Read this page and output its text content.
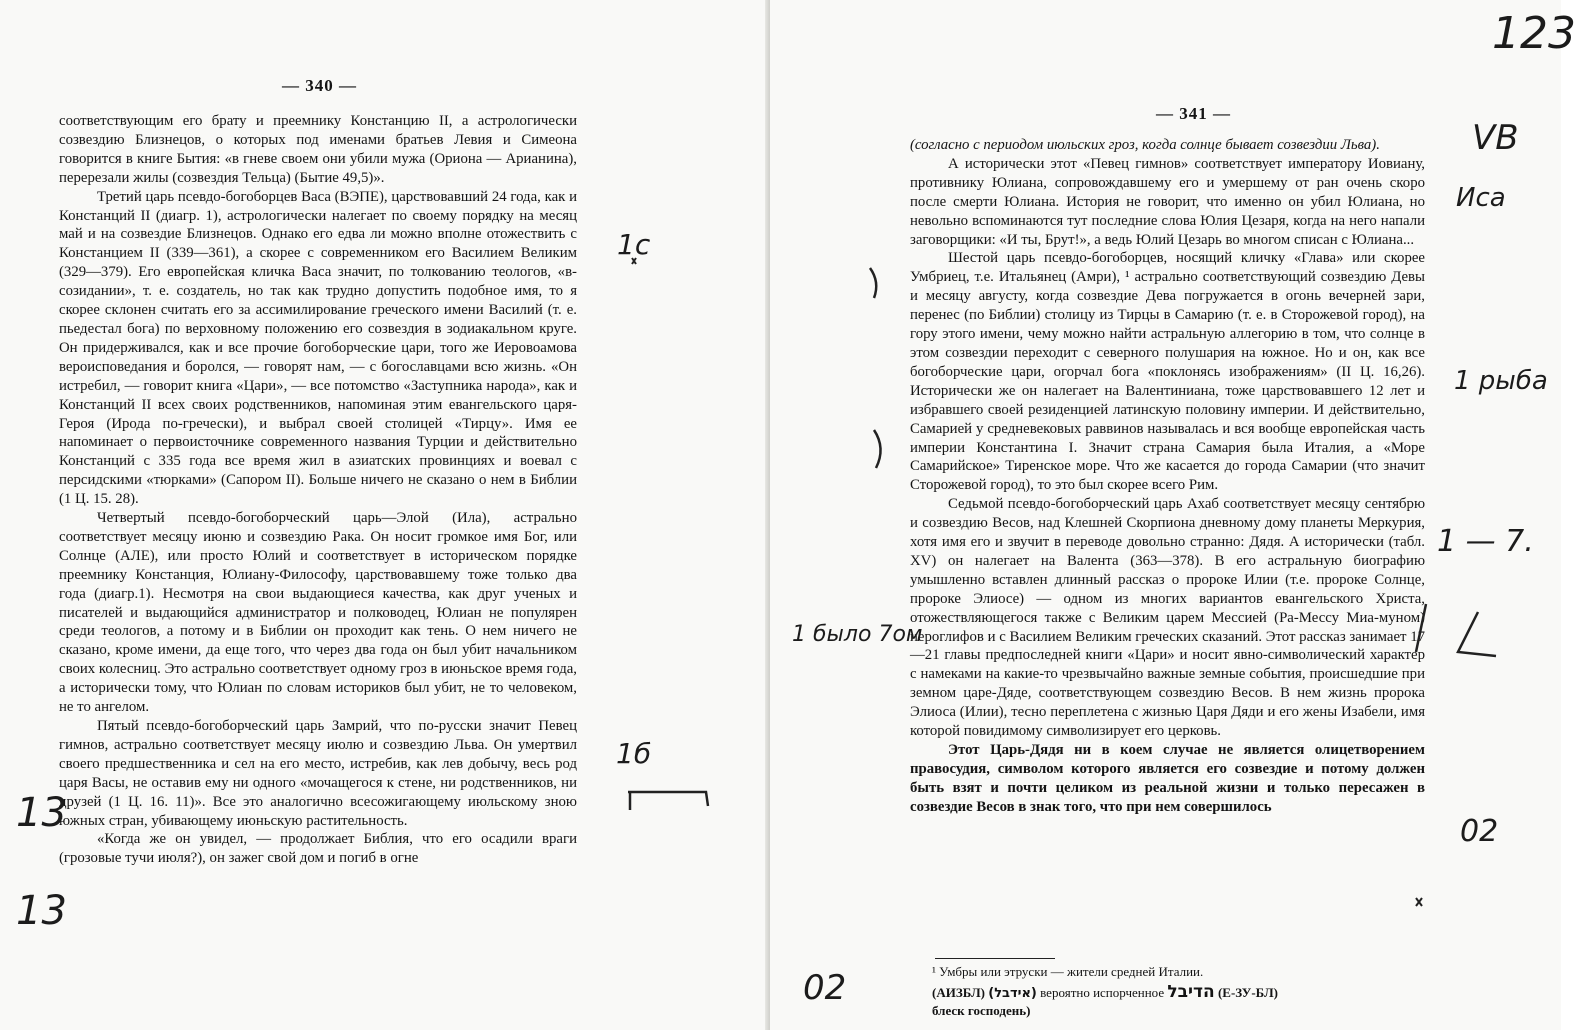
— 340 —

соответствующим его брату и преемнику Констанцию II, а астрологически созвездию Близнецов, о которых под именами братьев Левия и Симеона говорится в книге Бытия: «в гневе своем они убили мужа (Ориона — Арианина), перерезали жилы (созвездия Тельца) (Бытие 49,5)».

Третий царь псевдо-богоборцев Васа (ВЭПЕ), царствовавший 24 года, как и Констанций II (диагр. 1), астрологически налегает по своему порядку на месяц май и на созвездие Близнецов. Однако его едва ли можно вполне отожествить с Констанцием II (339—361), а скорее с современником его Василием Великим (329—379). Его европейская кличка Васа значит, по толкованию теологов, «в-созидании», т. е. создатель, но так как трудно допустить подобное имя, то я скорее склонен считать его за ассимилирование греческого имени Василий (т. е. пьедестал бога) по верховному положению его созвездия в зодиакальном круге. Он придерживался, как и все прочие богоборческие цари, того же Иеровоамова вероисповедания и боролся, — говорят нам, — с богославцами всю жизнь. «Он истребил, — говорит книга «Цари», — все потомство «Заступника народа», как и Констанций II всех своих родственников, напоминая этим евангельского царя-Героя (Ирода по-гречески), и выбрал своей столицей «Тирцу». Имя ее напоминает о первоисточнике современного названия Турции и действительно Констанций с 335 года все время жил в азиатских провинциях и воевал с персидскими «тюрками» (Сапором II). Больше ничего не сказано о нем в Библии (1 Ц. 15. 28).

Четвертый псевдо-богоборческий царь—Элой (Ила), астрально соответствует месяцу июню и созвездию Рака. Он носит громкое имя Бог, или Солнце (АЛЕ), или просто Юлий и соответствует в историческом порядке преемнику Констанция, Юлиану-Философу, царствовавшему тоже только два года (диагр.1). Несмотря на свои выдающиеся качества, как друг ученых и писателей и выдающийся администратор и полководец, Юлиан не популярен среди теологов, а потому и в Библии он проходит как тень. О нем ничего не сказано, кроме имени, да еще того, что через два года он был убит начальником своих колесниц. Это астрально соответствует одному гроз в июньское время года, а исторически тому, что Юлиан по словам историков был убит, не то человеком, не то ангелом.

Пятый псевдо-богоборческий царь Замрий, что по-русски значит Певец гимнов, астрально соответствует месяцу июлю и созвездию Льва. Он умертвил своего предшественника и сел на его место, истребив, как лев добычу, весь род царя Васы, не оставив ему ни одного «мочащегося к стене, ни родственников, ни друзей (1 Ц. 16. 11)». Все это аналогично всесожигающему июльскому зною южных стран, убивающему июньскую растительность.

«Когда же он увидел, — продолжает Библия, что его осадили враги (грозовые тучи июля?), он зажег свой дом и погиб в огне

— 341 —

(согласно с периодом июльских гроз, когда солнце бывает созвездии Льва).

А исторически этот «Певец гимнов» соответствует императору Иовиану, противнику Юлиана, сопровождавшему его и умершему от ран очень скоро после смерти Юлиана. История не говорит, что именно он убил Юлиана, но невольно вспоминаются тут последние слова Юлия Цезаря, когда на него напали заговорщики: «И ты, Брут!», а ведь Юлий Цезарь во многом списан с Юлиана...

Шестой царь псевдо-богоборцев, носящий кличку «Глава» или скорее Умбриец, т.е. Итальянец (Амри), ¹ астрально соответствующий созвездию Девы и месяцу августу, когда созвездие Дева погружается в огонь вечерней зари, перенес (по Библии) столицу из Тирцы в Самарию (т. е. в Сторожевой город), на гору этого имени, чему можно найти астральную аллегорию в том, что солнце в этом созвездии переходит с северного полушария на южное. Но и он, как все богоборческие цари, огорчал бога «поклонясь изображениям» (II Ц. 16,26). Исторически же он налегает на Валентиниана, тоже царствовавшего 12 лет и избравшего своей резиденцией латинскую половину империи. И действительно, Самарией у средневековых раввинов называлась и вся вообще европейская часть империи Константина I. Значит страна Самария была Италия, а «Море Самарийское» Тиренское море. Что же касается до города Самарии (что значит Сторожевой город), то это был скорее всего Рим.

Седьмой псевдо-богоборческий царь Ахаб соответствует месяцу сентябрю и созвездию Весов, над Клешней Скорпиона дневному дому планеты Меркурия, хотя имя его и звучит в переводе довольно странно: Дядя. А исторически (табл. XV) он налегает на Валента (363—378). В его астральную биографию умышленно вставлен длинный рассказ о пророке Илии (т.е. пророке Солнце, пророке Элиосе) — одном из многих вариантов евангельского Христа, отожествляющегося также с Великим царем Мессией (Ра-Мессу Миа-муном) иероглифов и с Василием Великим греческих сказаний. Этот рассказ занимает 17—21 главы предпоследней книги «Цари» и носит явно-символический характер с намеками на какие-то чрезвычайно важные земные события, происшедшие при земном царе-Дяде, соответствующем созвездию Весов. В нем жизнь пророка Элиоса (Илии), тесно переплетена с жизнью Царя Дяди и его жены Изабели, имя которой повидимому символизирует его церковь.

Этот Царь-Дядя ни в коем случае не является олицетворением правосудия, символом которого является его созвездие и потому должен быть взят и почти целиком из реальной жизни и только пересажен в созвездие Весов в знак того, что при нем совершилось

¹ Умбры или этруски — жители средней Италии.
(АИЗБЛ) (אידבל) вероятно испорченное הדיבל (Е-ЗУ-БЛ)
блеск господень)
123
VВ
Иса
1 рыба
1 — 7.
02
1с
1б
1 было 7ом
13
13
02
